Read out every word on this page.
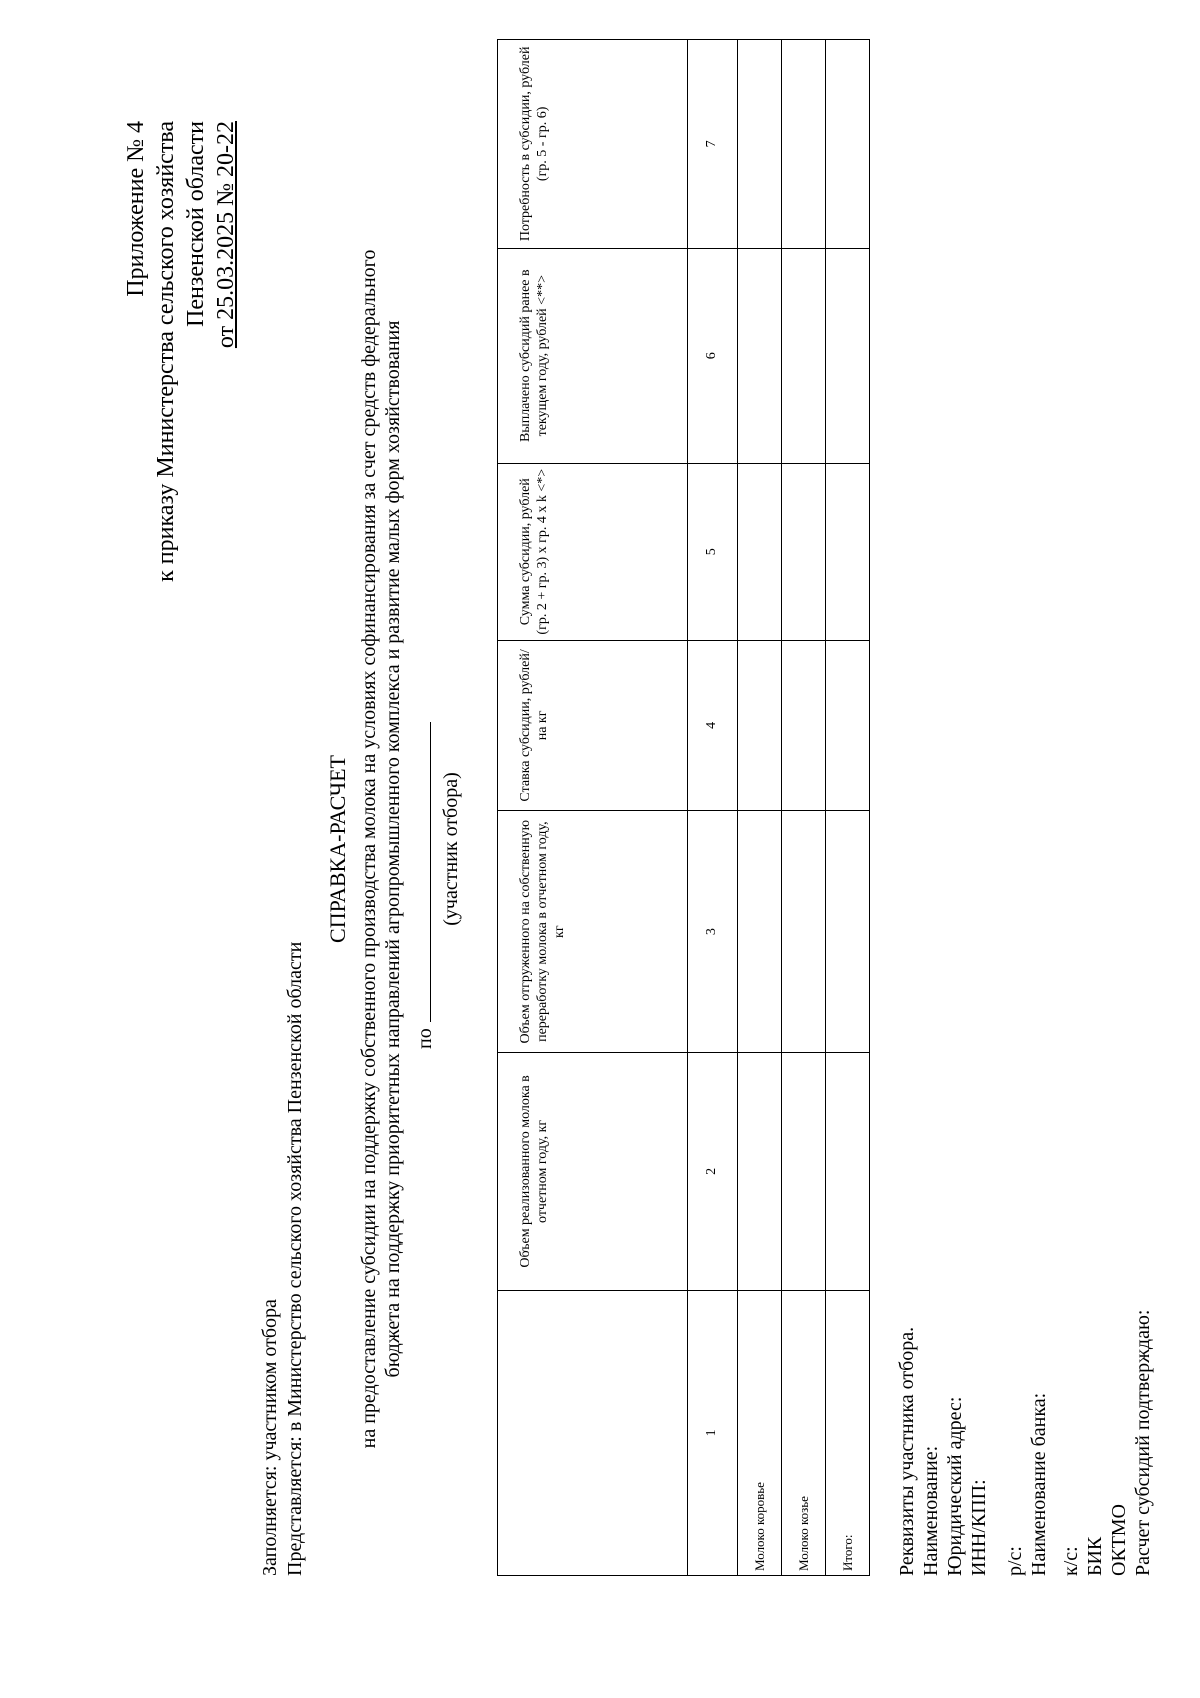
Приложение № 4 к приказу Министерства сельского хозяйства Пензенской области от 25.03.2025 № 20-22
Заполняется: участником отбора Представляется: в Министерство сельского хозяйства Пензенской области
СПРАВКА-РАСЧЕТ на предоставление субсидии на поддержку собственного производства молока на условиях софинансирования за счет средств федерального бюджета на поддержку приоритетных направлений агропромышленного комплекса и развитие малых форм хозяйствования по
(участник отбора)
	Объем реализованного молока в отчетном году, кг	Объем отгруженного на собственную переработку молока в отчетном году, кг	Ставка субсидии, рублей/на кг	Сумма субсидии, рублей (гр. 2 + гр. 3) x гр. 4 x k <*>	Выплачено субсидий ранее в текущем году, рублей <**>	Потребность в субсидии, рублей (гр. 5 - гр. 6)
1	2	3	4	5	6	7
Молоко коровье						
Молоко козье						
Итого:						Реквизиты участника отбора. Наименование: Юридический адрес: ИНН/КПП: р/с: Наименование банка: к/с: БИК ОКТМО Расчет субсидий подтверждаю:
